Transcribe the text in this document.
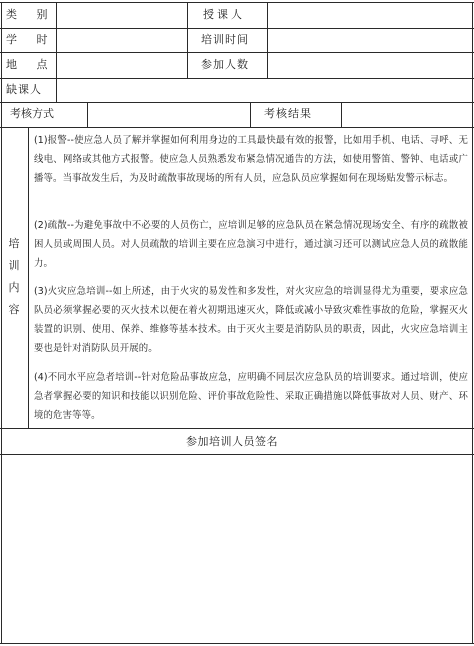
类 别	授课人
学 时	培训时间
地 点	参加人数
缺课人
考核方式	考核结果
培
训
内
容
(1)报警--使应急人员了解并掌握如何利用身边的工具最快最有效的报警，比如用手机、电话、寻呼、无线电、网络或其他方式报警。使应急人员熟悉发布紧急情况通告的方法，如使用警笛、警钟、电话或广播等。当事故发生后，为及时疏散事故现场的所有人员，应急队员应掌握如何在现场贴发警示标志。
(2)疏散--为避免事故中不必要的人员伤亡，应培训足够的应急队员在紧急情况现场安全、有序的疏散被困人员或周围人员。对人员疏散的培训主要在应急演习中进行，通过演习还可以测试应急人员的疏散能力。
(3)火灾应急培训--如上所述，由于火灾的易发性和多发性，对火灾应急的培训显得尤为重要，要求应急队员必须掌握必要的灭火技术以便在着火初期迅速灭火，降低或减小导致灾难性事故的危险，掌握灭火装置的识别、使用、保养、维修等基本技术。由于灭火主要是消防队员的职责，因此，火灾应急培训主要也是针对消防队员开展的。
(4)不同水平应急者培训--针对危险品事故应急，应明确不同层次应急队员的培训要求。通过培训，使应急者掌握必要的知识和技能以识别危险、评价事故危险性、采取正确措施以降低事故对人员、财产、环境的危害等等。
参加培训人员签名
